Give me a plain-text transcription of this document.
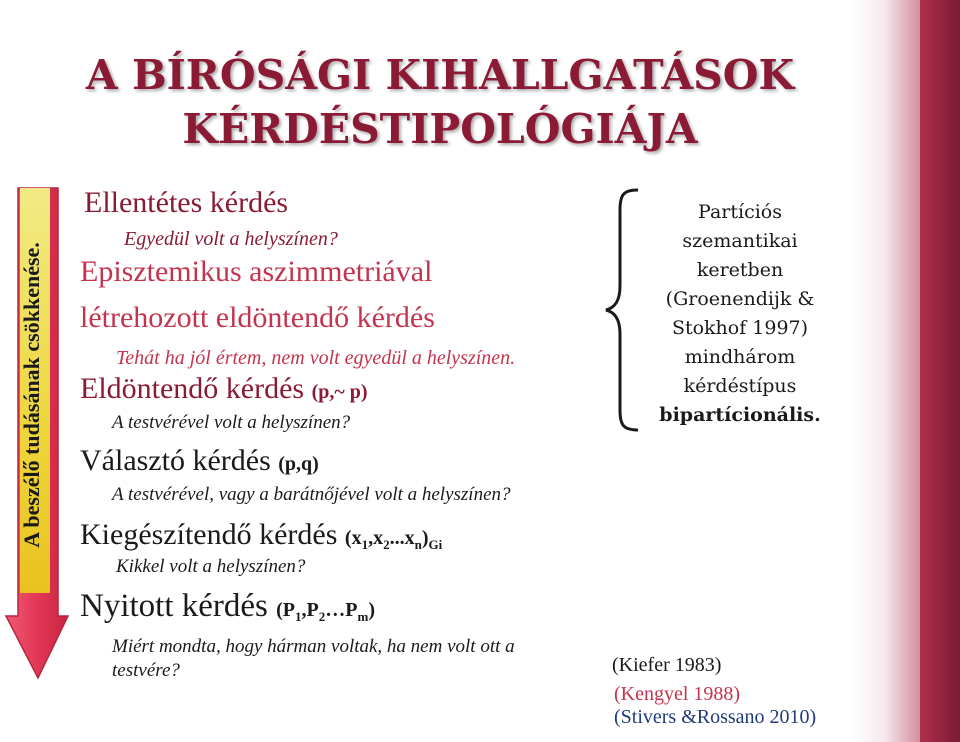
A BÍRÓSÁGI KIHALLGATÁSOK
KÉRDÉSTIPOLÓGIÁJA
A beszélő tudásának csökkenése.
Ellentétes kérdés
Egyedül volt a helyszínen?
Episztemikus aszimmetriával
létrehozott eldöntendő kérdés
Tehát ha jól értem, nem volt egyedül a helyszínen.
Eldöntendő kérdés (p,~ p)
A testvérével volt a helyszínen?
Választó kérdés (p,q)
A testvérével, vagy a barátnőjével volt a helyszínen?
Kiegészítendő kérdés $(x_1,x_2...x_n)_{Gi}$
Kikkel volt a helyszínen?
Nyitott kérdés $(P_1,P_2\dots P_m)$
Miért mondta, hogy hárman voltak, ha nem volt ott a
testvére?
Partíciós
szemantikai
keretben
(Groenendijk &
Stokhof 1997)
mindhárom
kérdéstípus
bipartícionális.
(Kiefer 1983)
(Kengyel 1988)
(Stivers &Rossano 2010)
